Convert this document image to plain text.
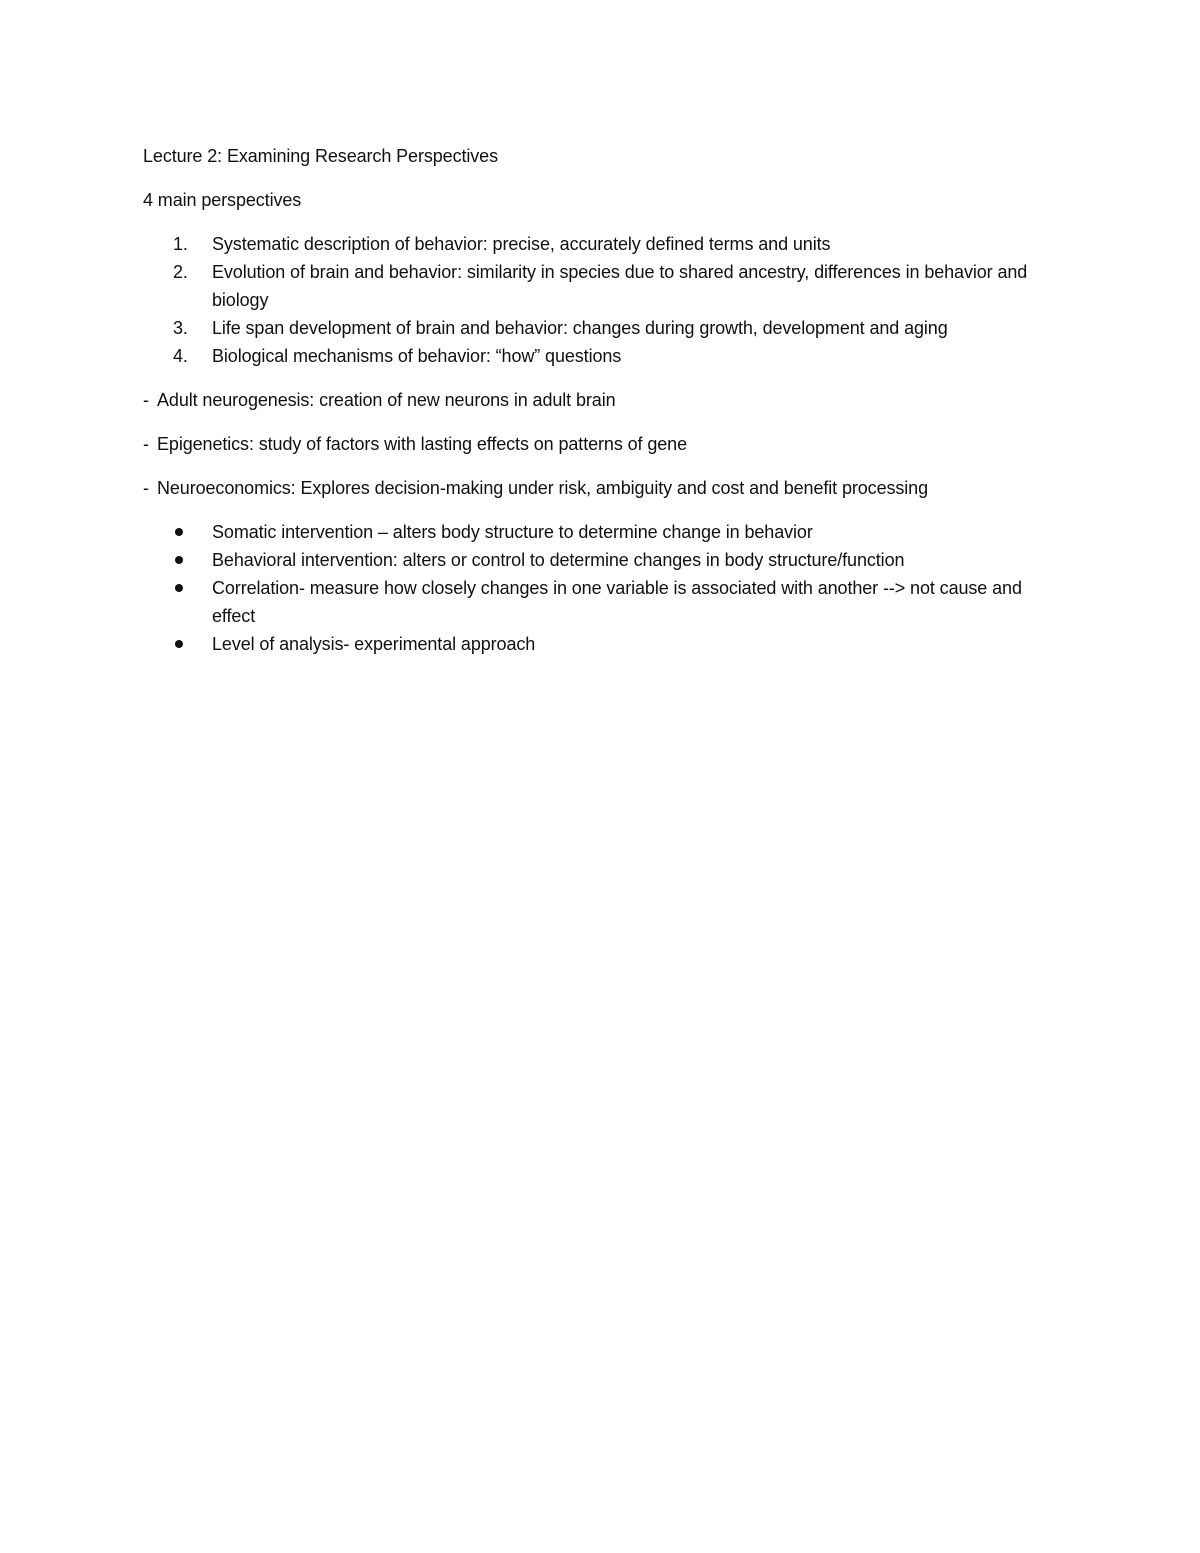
Lecture 2: Examining Research Perspectives

4 main perspectives

1. Systematic description of behavior: precise, accurately defined terms and units
2. Evolution of brain and behavior: similarity in species due to shared ancestry, differences in behavior and biology
3. Life span development of brain and behavior: changes during growth, development and aging
4. Biological mechanisms of behavior: “how” questions

- Adult neurogenesis: creation of new neurons in adult brain

- Epigenetics: study of factors with lasting effects on patterns of gene

- Neuroeconomics: Explores decision-making under risk, ambiguity and cost and benefit processing

Somatic intervention – alters body structure to determine change in behavior
Behavioral intervention: alters or control to determine changes in body structure/function
Correlation- measure how closely changes in one variable is associated with another --> not cause and effect
Level of analysis- experimental approach
